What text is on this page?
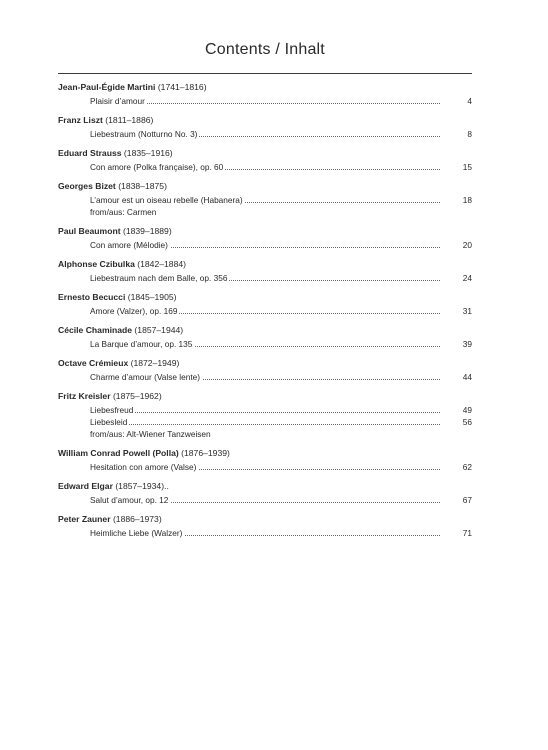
Contents / Inhalt
Jean-Paul-Égide Martini (1741–1816)
Plaisir d’amour	4
Franz Liszt (1811–1886)
Liebestraum (Notturno No. 3)	8
Eduard Strauss (1835–1916)
Con amore (Polka française), op. 60	15
Georges Bizet (1838–1875)
L’amour est un oiseau rebelle (Habanera)	18
from/aus: Carmen
Paul Beaumont (1839–1889)
Con amore (Mélodie)	20
Alphonse Czibulka (1842–1884)
Liebestraum nach dem Balle, op. 356	24
Ernesto Becucci (1845–1905)
Amore (Valzer), op. 169	31
Cécile Chaminade (1857–1944)
La Barque d’amour, op. 135	39
Octave Crémieux (1872–1949)
Charme d’amour (Valse lente)	44
Fritz Kreisler (1875–1962)
Liebesfreud	49
Liebesleid	56
from/aus: Alt-Wiener Tanzweisen
William Conrad Powell (Polla) (1876–1939)
Hesitation con amore (Valse)	62
Edward Elgar (1857–1934)..
Salut d’amour, op. 12	67
Peter Zauner (1886–1973)
Heimliche Liebe (Walzer)	71
